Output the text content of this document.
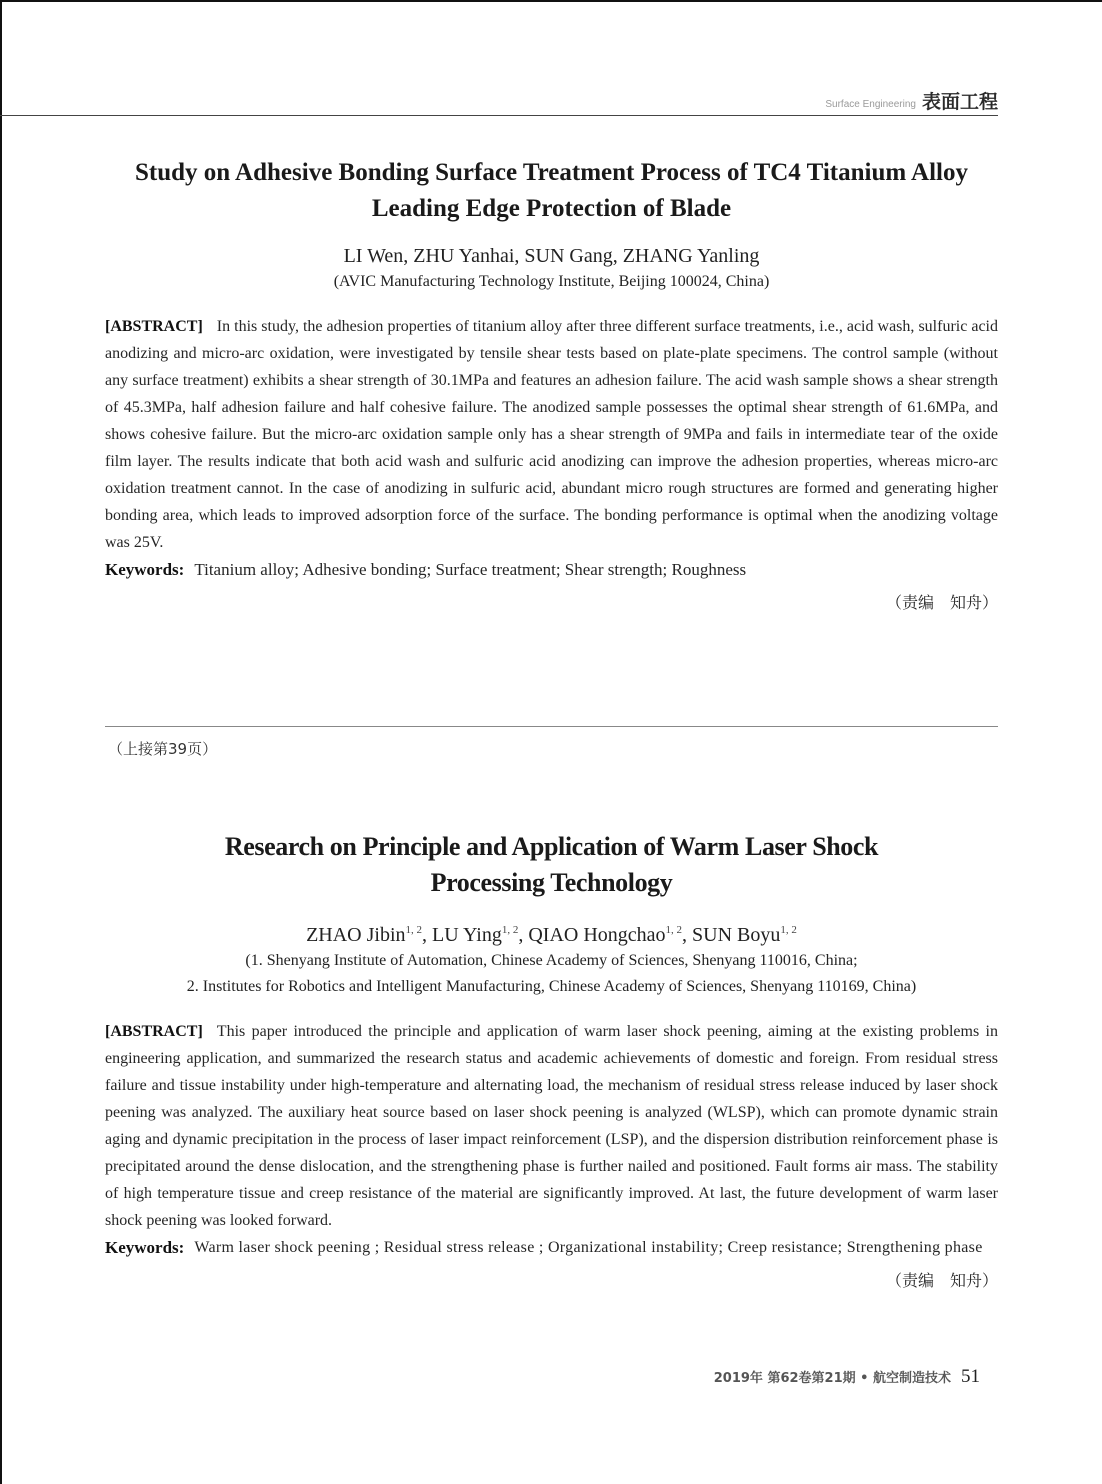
Surface Engineering 表面工程
Study on Adhesive Bonding Surface Treatment Process of TC4 Titanium Alloy
Leading Edge Protection of Blade
LI Wen, ZHU Yanhai, SUN Gang, ZHANG Yanling
(AVIC Manufacturing Technology Institute, Beijing 100024, China)
[ABSTRACT] In this study, the adhesion properties of titanium alloy after three different surface treatments, i.e., acid wash, sulfuric acid anodizing and micro-arc oxidation, were investigated by tensile shear tests based on plate-plate specimens. The control sample (without any surface treatment) exhibits a shear strength of 30.1MPa and features an adhesion failure. The acid wash sample shows a shear strength of 45.3MPa, half adhesion failure and half cohesive failure. The anodized sample possesses the optimal shear strength of 61.6MPa, and shows cohesive failure. But the micro-arc oxidation sample only has a shear strength of 9MPa and fails in intermediate tear of the oxide film layer. The results indicate that both acid wash and sulfuric acid anodizing can improve the adhesion properties, whereas micro-arc oxidation treatment cannot. In the case of anodizing in sulfuric acid, abundant micro rough structures are formed and generating higher bonding area, which leads to improved adsorption force of the surface. The bonding performance is optimal when the anodizing voltage was 25V.
Keywords: Titanium alloy; Adhesive bonding; Surface treatment; Shear strength; Roughness
（责编　知舟）
（上接第39页）
Research on Principle and Application of Warm Laser Shock
Processing Technology
ZHAO Jibin$^{1, 2}$, LU Ying$^{1, 2}$, QIAO Hongchao$^{1, 2}$, SUN Boyu$^{1, 2}$
(1. Shenyang Institute of Automation, Chinese Academy of Sciences, Shenyang 110016, China;
2. Institutes for Robotics and Intelligent Manufacturing, Chinese Academy of Sciences, Shenyang 110169, China)
[ABSTRACT] This paper introduced the principle and application of warm laser shock peening, aiming at the existing problems in engineering application, and summarized the research status and academic achievements of domestic and foreign. From residual stress failure and tissue instability under high-temperature and alternating load, the mechanism of residual stress release induced by laser shock peening was analyzed. The auxiliary heat source based on laser shock peening is analyzed (WLSP), which can promote dynamic strain aging and dynamic precipitation in the process of laser impact reinforcement (LSP), and the dispersion distribution reinforcement phase is precipitated around the dense dislocation, and the strengthening phase is further nailed and positioned. Fault forms air mass. The stability of high temperature tissue and creep resistance of the material are significantly improved. At last, the future development of warm laser shock peening was looked forward.
Keywords: Warm laser shock peening ; Residual stress release ; Organizational instability; Creep resistance; Strengthening phase
（责编　知舟）
2019年 第62卷第21期 • 航空制造技术 51
